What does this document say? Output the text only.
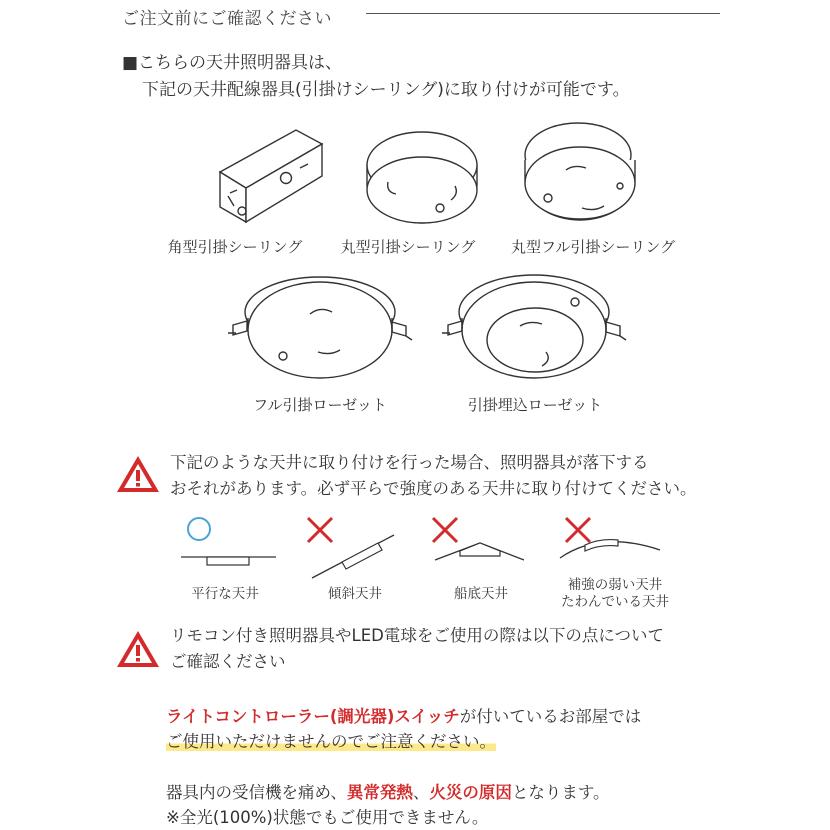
ご注文前にご確認ください
■こちらの天井照明器具は、
下記の天井配線器具(引掛けシーリング)に取り付けが可能です。
角型引掛シーリング	丸型引掛シーリング	丸型フル引掛シーリング
フル引掛ローゼット	引掛埋込ローゼット
下記のような天井に取り付けを行った場合、照明器具が落下する
おそれがあります。必ず平らで強度のある天井に取り付けてください。
平行な天井	傾斜天井	船底天井
補強の弱い天井
たわんでいる天井
リモコン付き照明器具やLED電球をご使用の際は以下の点について
ご確認ください
ライトコントローラー(調光器)スイッチが付いているお部屋では
ご使用いただけませんのでご注意ください。
器具内の受信機を痛め、異常発熱、火災の原因となります。
※全光(100%)状態でもご使用できません。
